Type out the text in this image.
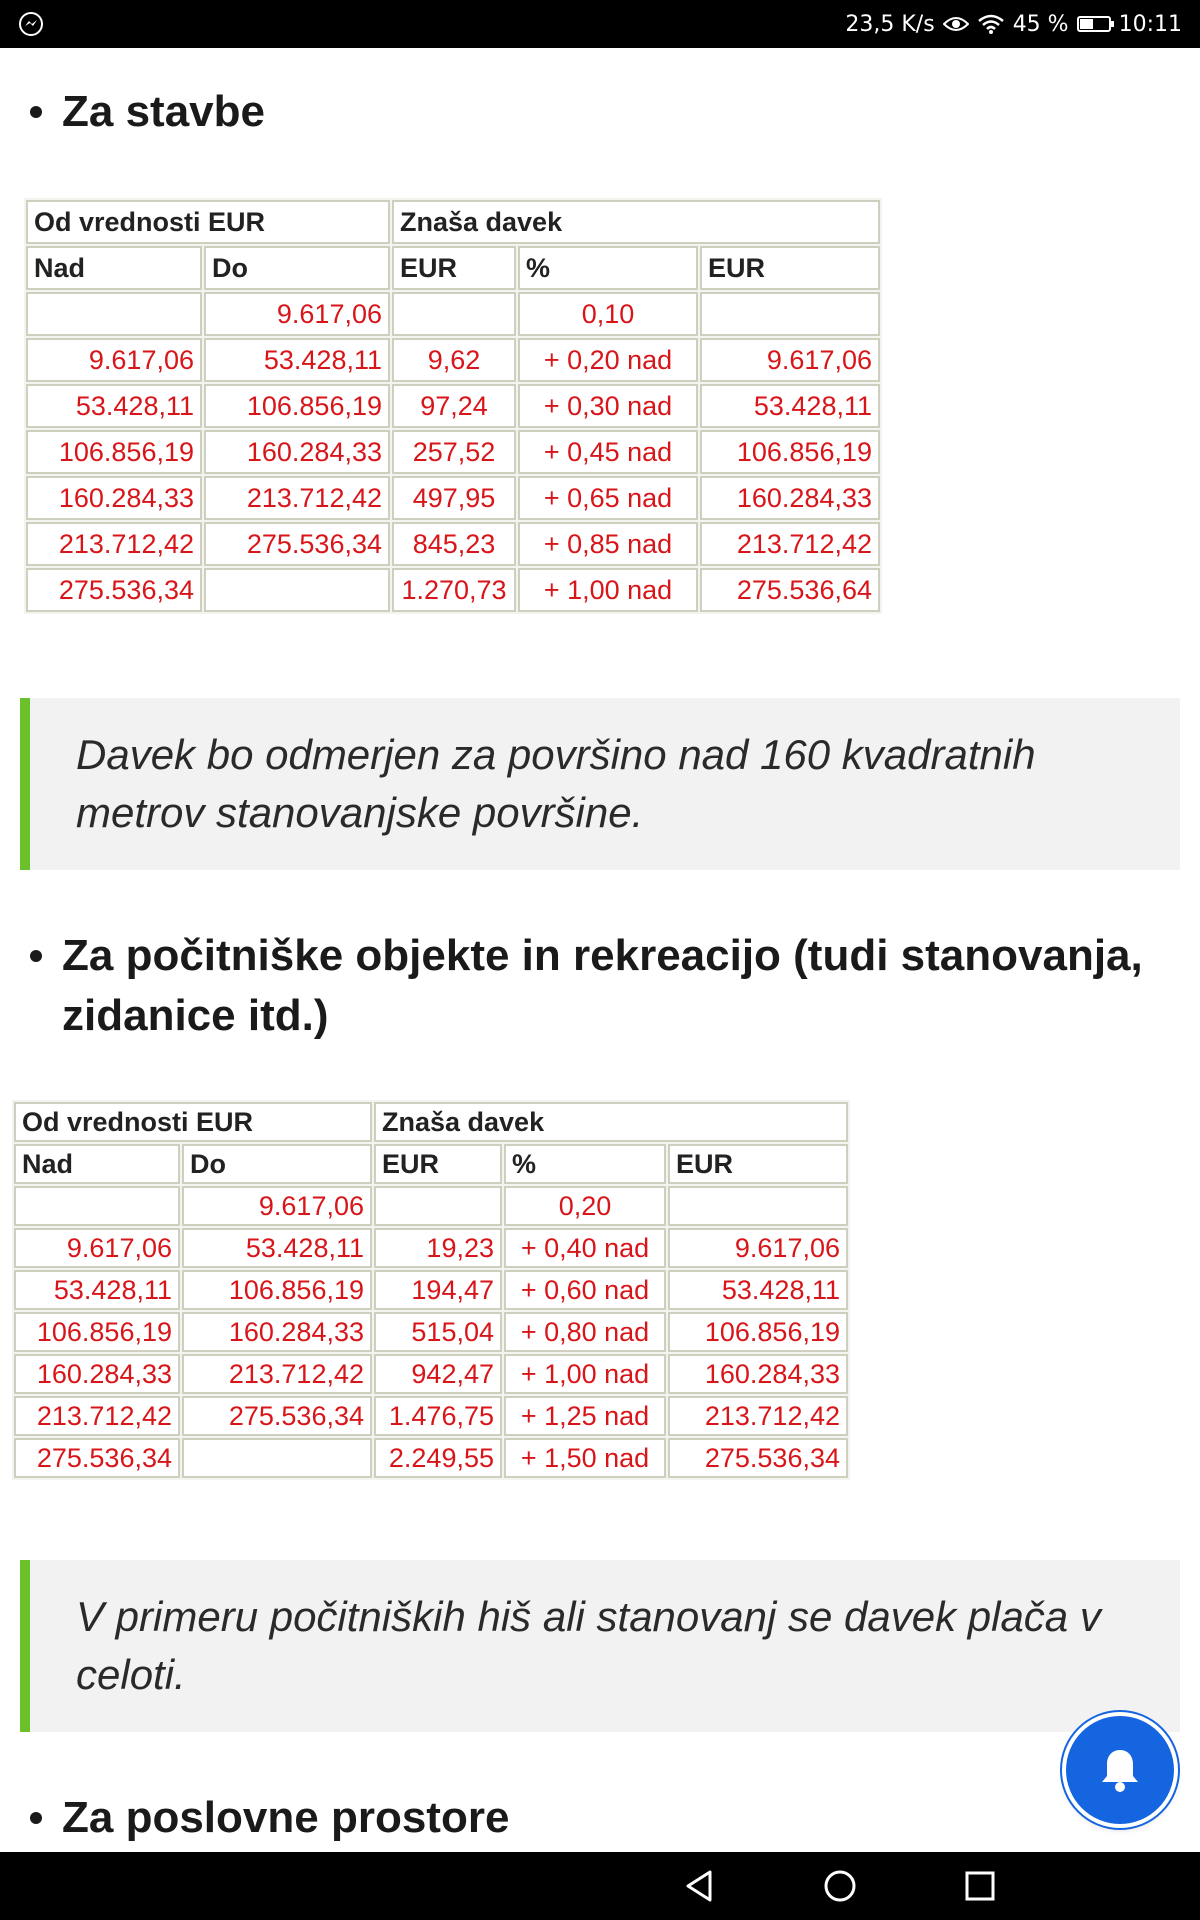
23,5 K/s	45 % 10:11
Za stavbe
Od vrednosti EUR		Znaša davek		
Nad	Do	EUR	%	EUR
	9.617,06		0,10	
9.617,06	53.428,11	9,62	+ 0,20 nad	9.617,06
53.428,11	106.856,19	97,24	+ 0,30 nad	53.428,11
106.856,19	160.284,33	257,52	+ 0,45 nad	106.856,19
160.284,33	213.712,42	497,95	+ 0,65 nad	160.284,33
213.712,42	275.536,34	845,23	+ 0,85 nad	213.712,42
275.536,34		1.270,73	+ 1,00 nad	275.536,64
Davek bo odmerjen za površino nad 160 kvadratnih metrov stanovanjske površine.
Za počitniške objekte in rekreacijo (tudi stanovanja, zidanice itd.)
Od vrednosti EUR		Znaša davek		
Nad	Do	EUR	%	EUR
	9.617,06		0,20	
9.617,06	53.428,11	19,23	+ 0,40 nad	9.617,06
53.428,11	106.856,19	194,47	+ 0,60 nad	53.428,11
106.856,19	160.284,33	515,04	+ 0,80 nad	106.856,19
160.284,33	213.712,42	942,47	+ 1,00 nad	160.284,33
213.712,42	275.536,34	1.476,75	+ 1,25 nad	213.712,42
275.536,34		2.249,55	+ 1,50 nad	275.536,34
V primeru počitniških hiš ali stanovanj se davek plača v celoti.
Za poslovne prostore
